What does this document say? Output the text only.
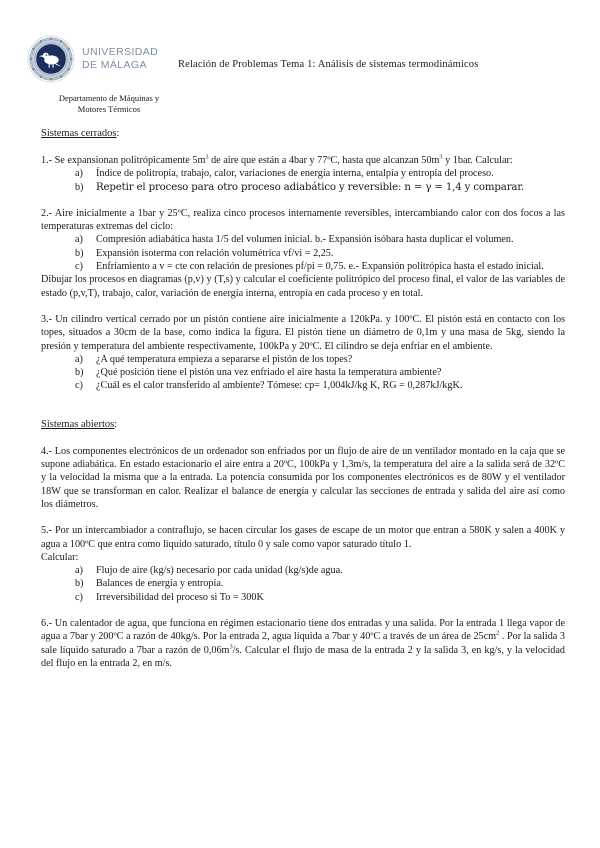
UNIVERSIDAD
DE MÁLAGA	Relación de Problemas Tema 1: Análisis de sistemas termodinámicos
Departamento de Máquinas y
Motores Térmicos
Sistemas cerrados:

1.- Se expansionan politrópicamente $5m^3$ de aire que están a 4bar y 77ºC, hasta que alcanzan $50m^3$ y 1bar. Calcular:

a)	Índice de politropía, trabajo, calor, variaciones de energía interna, entalpía y entropía del proceso.
b)	Repetir el proceso para otro proceso adiabático y reversible: n = γ = 1,4 y comparar.

2.- Aire inicialmente a 1bar y 25ºC, realiza cinco procesos internamente reversibles, intercambiando calor con dos focos a las temperaturas extremas del ciclo:

a)	Compresión adiabática hasta 1/5 del volumen inicial. b.- Expansión isóbara hasta duplicar el volumen.
b)	Expansión isoterma con relación volumétrica vf/vi = 2,25.
c)	Enfriamiento a v = cte con relación de presiones pf/pi = 0,75. e.- Expansión politrópica hasta el estado inicial.

Dibujar los procesos en diagramas (p,v) y (T,s) y calcular el coeficiente politrópico del proceso final, el valor de las variables de estado (p,v,T), trabajo, calor, variación de energía interna, entropía en cada proceso y en total.

3.- Un cilindro vertical cerrado por un pistón contiene aire inicialmente a 120kPa. y 100ºC. El pistón está en contacto con los topes, situados a 30cm de la base, como indica la figura. El pistón tiene un diámetro de 0,1m y una masa de 5kg, siendo la presión y temperatura del ambiente respectivamente, 100kPa y 20ºC. El cilindro se deja enfriar en el ambiente.

a)	¿A qué temperatura empieza a separarse el pistón de los topes?
b)	¿Qué posición tiene el pistón una vez enfriado el aire hasta la temperatura ambiente?
c)	¿Cuál es el calor transferido al ambiente? Tómese: cp= 1,004kJ/kg K, RG = 0,287kJ/kgK.
Sistemas abiertos:

4.- Los componentes electrónicos de un ordenador son enfriados por un flujo de aire de un ventilador montado en la caja que se supone adiabática. En estado estacionario el aire entra a 20ºC, 100kPa y 1,3m/s, la temperatura del aire a la salida será de 32ºC y la velocidad la misma que a la entrada. La potencia consumida por los componentes electrónicos es de 80W y el ventilador 18W que se transforman en calor. Realizar el balance de energía y calcular las secciones de entrada y salida del aire así como los diámetros.

5.- Por un intercambiador a contraflujo, se hacen circular los gases de escape de un motor que entran a 580K y salen a 400K y agua a 100ºC que entra como liquido saturado, título 0 y sale como vapor saturado título 1.

Calcular:

a)	Flujo de aire (kg/s) necesario por cada unidad (kg/s)de agua.
b)	Balances de energía y entropía.
c)	Irreversibilidad del proceso si To = 300K

6.- Un calentador de agua, que funciona en régimen estacionario tiene dos entradas y una salida. Por la entrada 1 llega vapor de agua a 7bar y 200ºC a razón de 40kg/s. Por la entrada 2, agua líquida a 7bar y 40ºC a través de un área de $25cm^2$ . Por la salida 3 sale líquido saturado a 7bar a razón de $0,06m^3/s$. Calcular el flujo de masa de la entrada 2 y la salida 3, en kg/s, y la velocidad del flujo en la entrada 2, en m/s.
